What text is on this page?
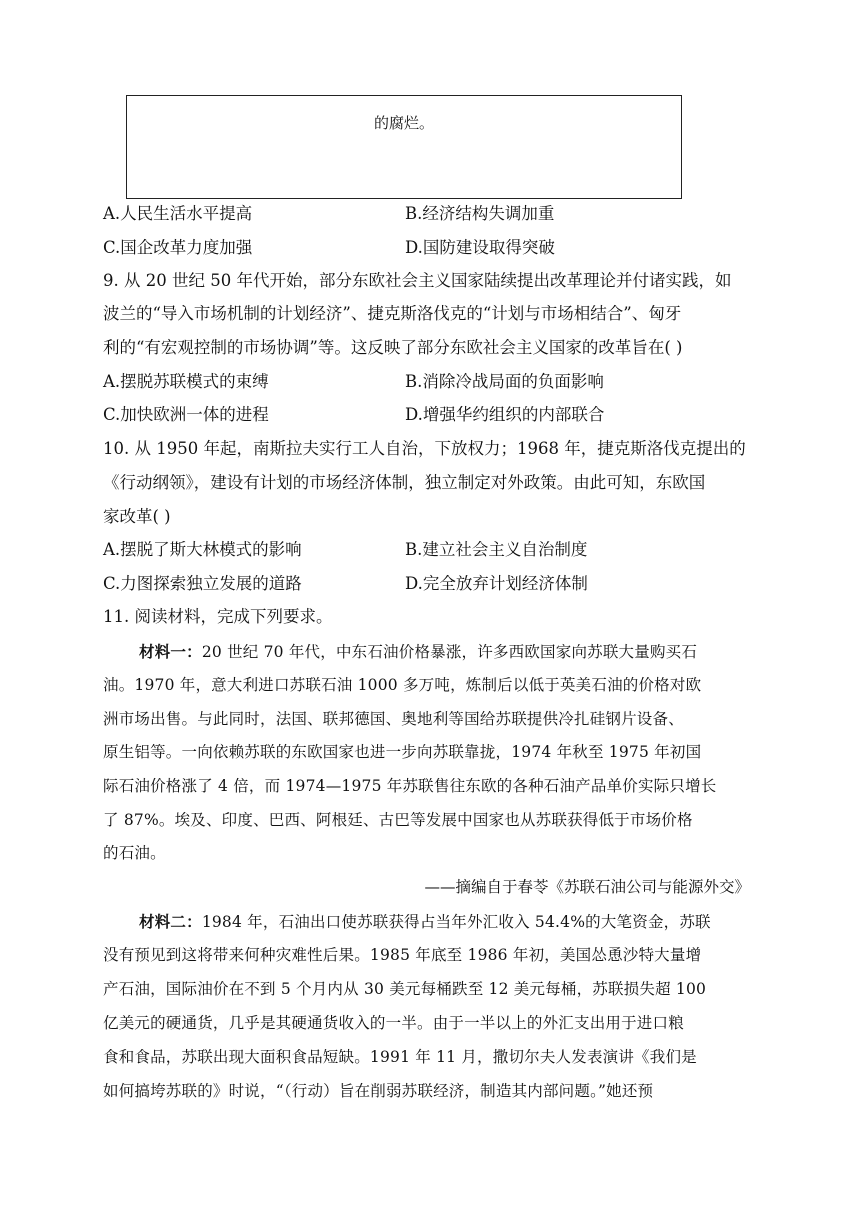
的腐烂。
A.人民生活水平提高	B.经济结构失调加重
C.国企改革力度加强	D.国防建设取得突破
9. 从 20 世纪 50 年代开始，部分东欧社会主义国家陆续提出改革理论并付诸实践，如
波兰的“导入市场机制的计划经济”、捷克斯洛伐克的“计划与市场相结合”、匈牙
利的“有宏观控制的市场协调”等。这反映了部分东欧社会主义国家的改革旨在( )
A.摆脱苏联模式的束缚	B.消除冷战局面的负面影响
C.加快欧洲一体的进程	D.增强华约组织的内部联合
10. 从 1950 年起，南斯拉夫实行工人自治，下放权力；1968 年，捷克斯洛伐克提出的
《行动纲领》，建设有计划的市场经济体制，独立制定对外政策。由此可知，东欧国
家改革( )
A.摆脱了斯大林模式的影响	B.建立社会主义自治制度
C.力图探索独立发展的道路	D.完全放弃计划经济体制
11. 阅读材料，完成下列要求。
材料一：20 世纪 70 年代，中东石油价格暴涨，许多西欧国家向苏联大量购买石
油。1970 年，意大利进口苏联石油 1000 多万吨，炼制后以低于英美石油的价格对欧
洲市场出售。与此同时，法国、联邦德国、奥地利等国给苏联提供冷扎硅钢片设备、
原生铝等。一向依赖苏联的东欧国家也进一步向苏联靠拢，1974 年秋至 1975 年初国
际石油价格涨了 4 倍，而 1974—1975 年苏联售往东欧的各种石油产品单价实际只增长
了 87%。埃及、印度、巴西、阿根廷、古巴等发展中国家也从苏联获得低于市场价格
的石油。
——摘编自于春苓《苏联石油公司与能源外交》
材料二：1984 年，石油出口使苏联获得占当年外汇收入 54.4%的大笔资金，苏联
没有预见到这将带来何种灾难性后果。1985 年底至 1986 年初，美国怂恿沙特大量增
产石油，国际油价在不到 5 个月内从 30 美元每桶跌至 12 美元每桶，苏联损失超 100
亿美元的硬通货，几乎是其硬通货收入的一半。由于一半以上的外汇支出用于进口粮
食和食品，苏联出现大面积食品短缺。1991 年 11 月，撒切尔夫人发表演讲《我们是
如何搞垮苏联的》时说，“（行动）旨在削弱苏联经济，制造其内部问题。”她还预
